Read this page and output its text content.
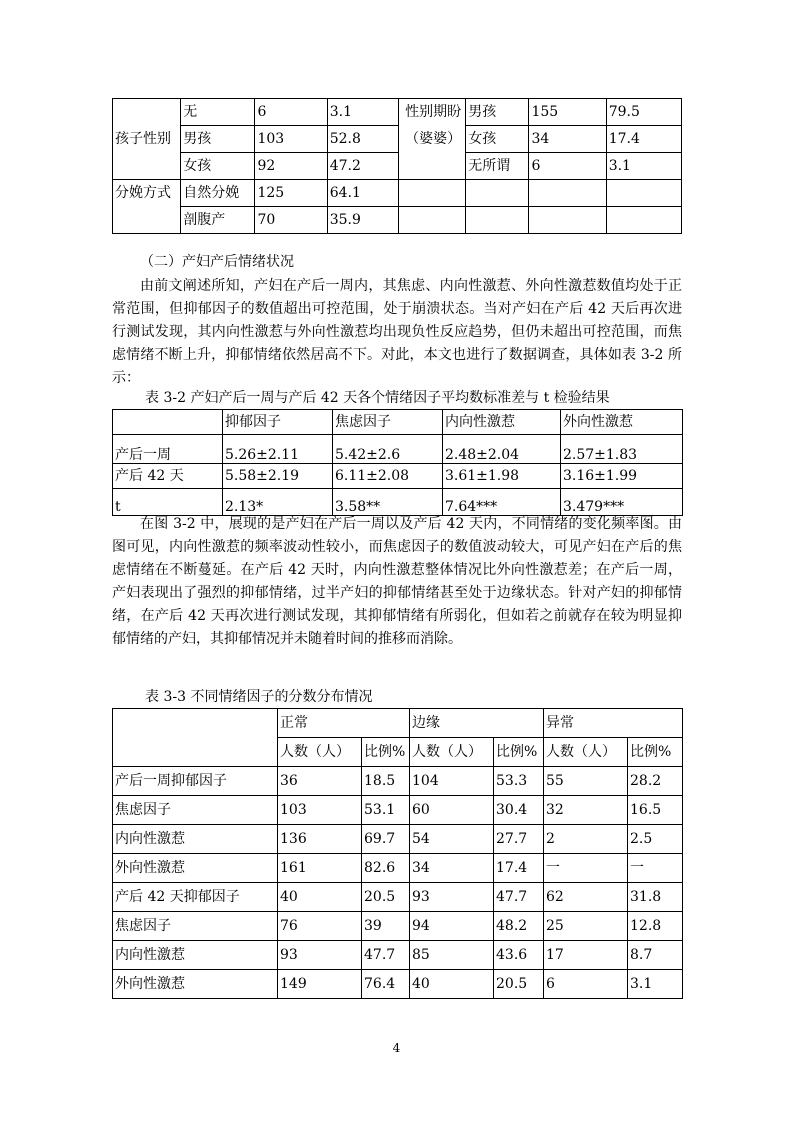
	无	6	3.1	性别期盼	男孩	155	79.5
孩子性别	男孩	103	52.8	（婆婆）	女孩	34	17.4
	女孩	92	47.2		无所谓	6	3.1
分娩方式	自然分娩	125	64.1				
	剖腹产	70	35.9				
（二）产妇产后情绪状况

由前文阐述所知，产妇在产后一周内，其焦虑、内向性激惹、外向性激惹数值均处于正常范围，但抑郁因子的数值超出可控范围，处于崩溃状态。当对产妇在产后 42 天后再次进行测试发现，其内向性激惹与外向性激惹均出现负性反应趋势，但仍未超出可控范围，而焦虑情绪不断上升，抑郁情绪依然居高不下。对此，本文也进行了数据调查，具体如表 3-2 所示：

表 3-2 产妇产后一周与产后 42 天各个情绪因子平均数标准差与 t 检验结果
	抑郁因子	焦虑因子	内向性激惹	外向性激惹
产后一周	5.26±2.11	5.42±2.6	2.48±2.04	2.57±1.83
产后 42 天	5.58±2.19	6.11±2.08	3.61±1.98	3.16±1.99
t	2.13*	3.58**	7.64***	3.479***

在图 3-2 中，展现的是产妇在产后一周以及产后 42 天内，不同情绪的变化频率图。由图可见，内向性激惹的频率波动性较小，而焦虑因子的数值波动较大，可见产妇在产后的焦虑情绪在不断蔓延。在产后 42 天时，内向性激惹整体情况比外向性激惹差；在产后一周，产妇表现出了强烈的抑郁情绪，过半产妇的抑郁情绪甚至处于边缘状态。针对产妇的抑郁情绪，在产后 42 天再次进行测试发现，其抑郁情绪有所弱化，但如若之前就存在较为明显抑郁情绪的产妇，其抑郁情况并未随着时间的推移而消除。

表 3-3 不同情绪因子的分数分布情况
	正常		边缘		异常	
	人数（人）	比例%	人数（人）	比例%	人数（人）	比例%
产后一周抑郁因子	36	18.5	104	53.3	55	28.2
焦虑因子	103	53.1	60	30.4	32	16.5
内向性激惹	136	69.7	54	27.7	2	2.5
外向性激惹	161	82.6	34	17.4	一	一
产后 42 天抑郁因子	40	20.5	93	47.7	62	31.8
焦虑因子	76	39	94	48.2	25	12.8
内向性激惹	93	47.7	85	43.6	17	8.7
外向性激惹	149	76.4	40	20.5	6	3.1
4
